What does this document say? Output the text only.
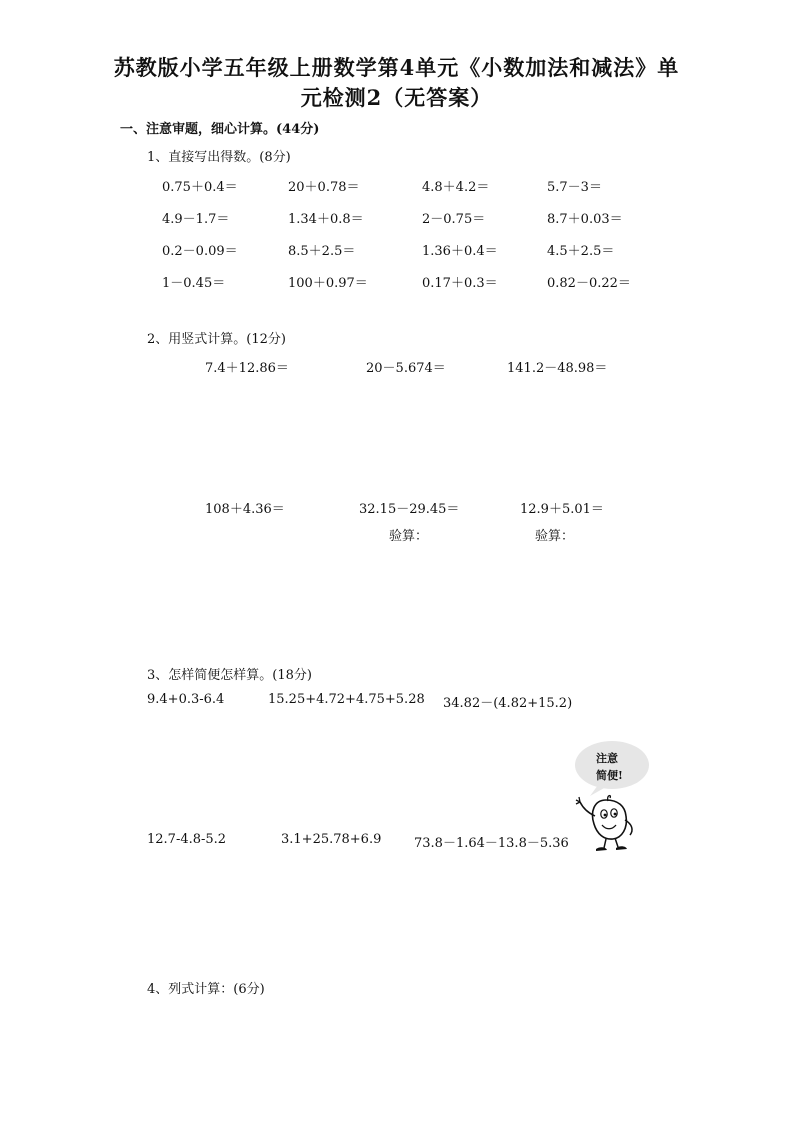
苏教版小学五年级上册数学第4单元《小数加法和减法》单
元检测2（无答案）
一、注意审题，细心计算。(44分)
1、直接写出得数。(8分)
0.75＋0.4＝	20＋0.78＝	4.8＋4.2＝	5.7－3＝
4.9－1.7＝	1.34＋0.8＝	2－0.75＝	8.7＋0.03＝
0.2－0.09＝	8.5＋2.5＝	1.36＋0.4＝	4.5＋2.5＝
1－0.45＝	100＋0.97＝	0.17＋0.3＝	0.82－0.22＝
2、用竖式计算。(12分)
7.4＋12.86＝	20－5.674＝	141.2－48.98＝
108＋4.36＝	32.15－29.45＝	12.9＋5.01＝
验算：	验算：
3、怎样简便怎样算。(18分)
9.4+0.3-6.4	15.25+4.72+4.75+5.28 34.82－(4.82+15.2)
12.7-4.8-5.2	3.1+25.78+6.9	73.8－1.64－13.8－5.36
注意
简便!
4、列式计算：(6分)
